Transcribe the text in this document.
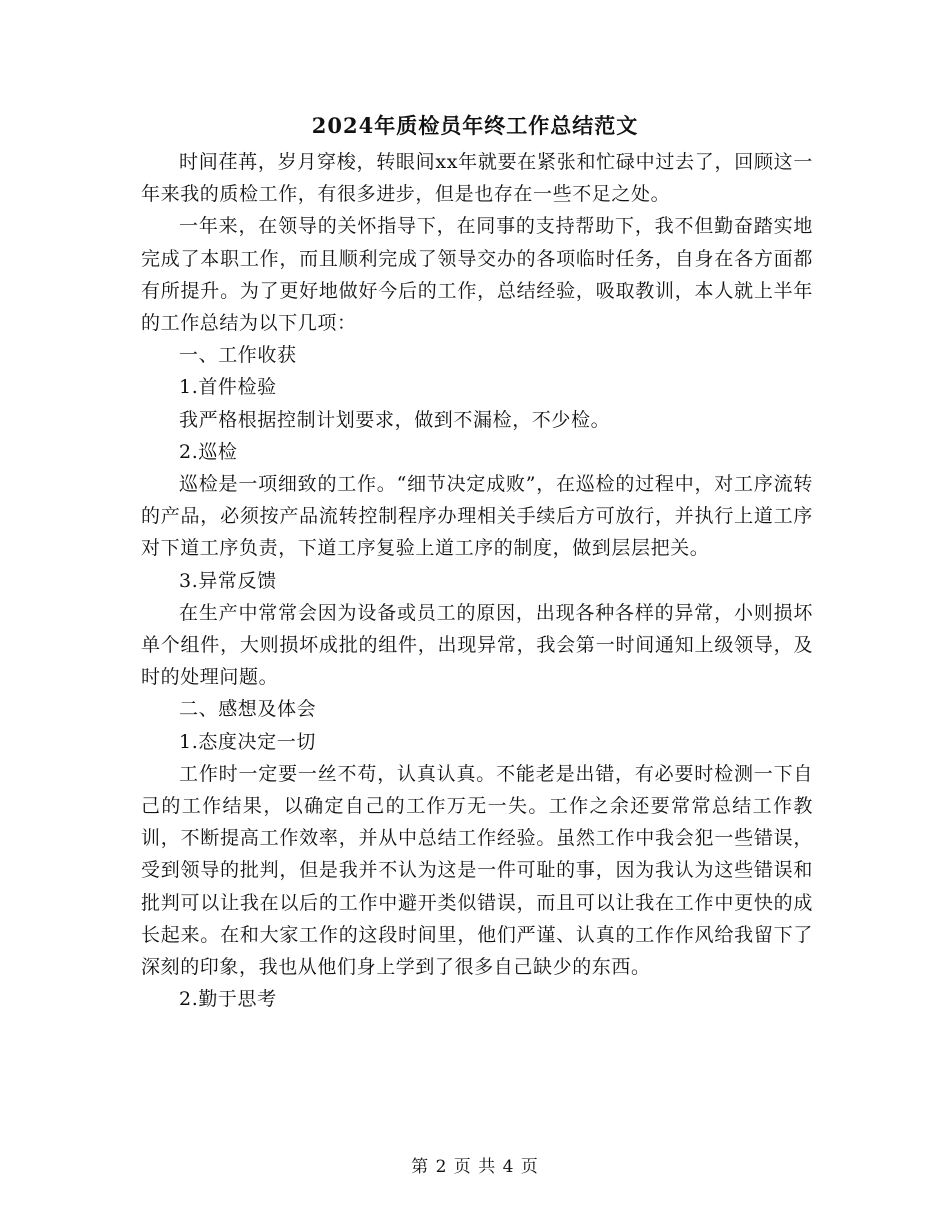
2024年质检员年终工作总结范文

时间荏苒，岁月穿梭，转眼间xx年就要在紧张和忙碌中过去了，回顾这一年来我的质检工作，有很多进步，但是也存在一些不足之处。

一年来，在领导的关怀指导下，在同事的支持帮助下，我不但勤奋踏实地完成了本职工作，而且顺利完成了领导交办的各项临时任务，自身在各方面都有所提升。为了更好地做好今后的工作，总结经验，吸取教训，本人就上半年的工作总结为以下几项：

一、工作收获

1.首件检验

我严格根据控制计划要求，做到不漏检，不少检。

2.巡检

巡检是一项细致的工作。“细节决定成败”，在巡检的过程中，对工序流转的产品，必须按产品流转控制程序办理相关手续后方可放行，并执行上道工序对下道工序负责，下道工序复验上道工序的制度，做到层层把关。

3.异常反馈

在生产中常常会因为设备或员工的原因，出现各种各样的异常，小则损坏单个组件，大则损坏成批的组件，出现异常，我会第一时间通知上级领导，及时的处理问题。

二、感想及体会

1.态度决定一切

工作时一定要一丝不苟，认真认真。不能老是出错，有必要时检测一下自己的工作结果，以确定自己的工作万无一失。工作之余还要常常总结工作教训，不断提高工作效率，并从中总结工作经验。虽然工作中我会犯一些错误，受到领导的批判，但是我并不认为这是一件可耻的事，因为我认为这些错误和批判可以让我在以后的工作中避开类似错误，而且可以让我在工作中更快的成长起来。在和大家工作的这段时间里，他们严谨、认真的工作作风给我留下了深刻的印象，我也从他们身上学到了很多自己缺少的东西。

2.勤于思考

第 2 页 共 4 页
